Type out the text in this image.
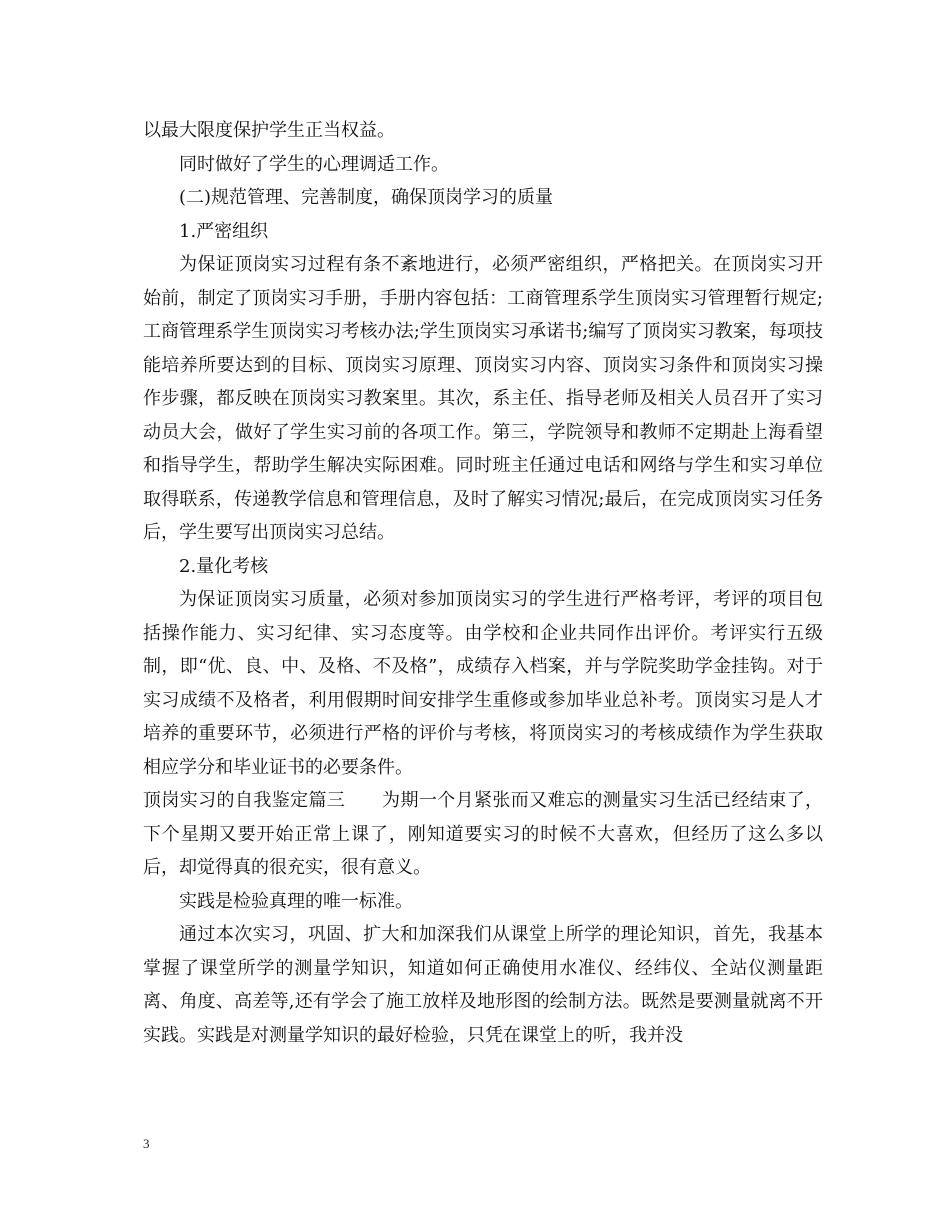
以最大限度保护学生正当权益。

同时做好了学生的心理调适工作。

(二)规范管理、完善制度，确保顶岗学习的质量

1.严密组织

为保证顶岗实习过程有条不紊地进行，必须严密组织，严格把关。在顶岗实习开始前，制定了顶岗实习手册，手册内容包括：工商管理系学生顶岗实习管理暂行规定;工商管理系学生顶岗实习考核办法;学生顶岗实习承诺书;编写了顶岗实习教案，每项技能培养所要达到的目标、顶岗实习原理、顶岗实习内容、顶岗实习条件和顶岗实习操作步骤，都反映在顶岗实习教案里。其次，系主任、指导老师及相关人员召开了实习动员大会，做好了学生实习前的各项工作。第三，学院领导和教师不定期赴上海看望和指导学生，帮助学生解决实际困难。同时班主任通过电话和网络与学生和实习单位取得联系，传递教学信息和管理信息，及时了解实习情况;最后，在完成顶岗实习任务后，学生要写出顶岗实习总结。

2.量化考核

为保证顶岗实习质量，必须对参加顶岗实习的学生进行严格考评，考评的项目包括操作能力、实习纪律、实习态度等。由学校和企业共同作出评价。考评实行五级制，即“优、良、中、及格、不及格”，成绩存入档案，并与学院奖助学金挂钩。对于实习成绩不及格者，利用假期时间安排学生重修或参加毕业总补考。顶岗实习是人才培养的重要环节，必须进行严格的评价与考核，将顶岗实习的考核成绩作为学生获取相应学分和毕业证书的必要条件。

顶岗实习的自我鉴定篇三　　为期一个月紧张而又难忘的测量实习生活已经结束了，下个星期又要开始正常上课了，刚知道要实习的时候不大喜欢，但经历了这么多以后，却觉得真的很充实，很有意义。

实践是检验真理的唯一标准。

通过本次实习，巩固、扩大和加深我们从课堂上所学的理论知识，首先，我基本掌握了课堂所学的测量学知识，知道如何正确使用水准仪、经纬仪、全站仪测量距离、角度、高差等,还有学会了施工放样及地形图的绘制方法。既然是要测量就离不开实践。实践是对测量学知识的最好检验，只凭在课堂上的听，我并没

3
